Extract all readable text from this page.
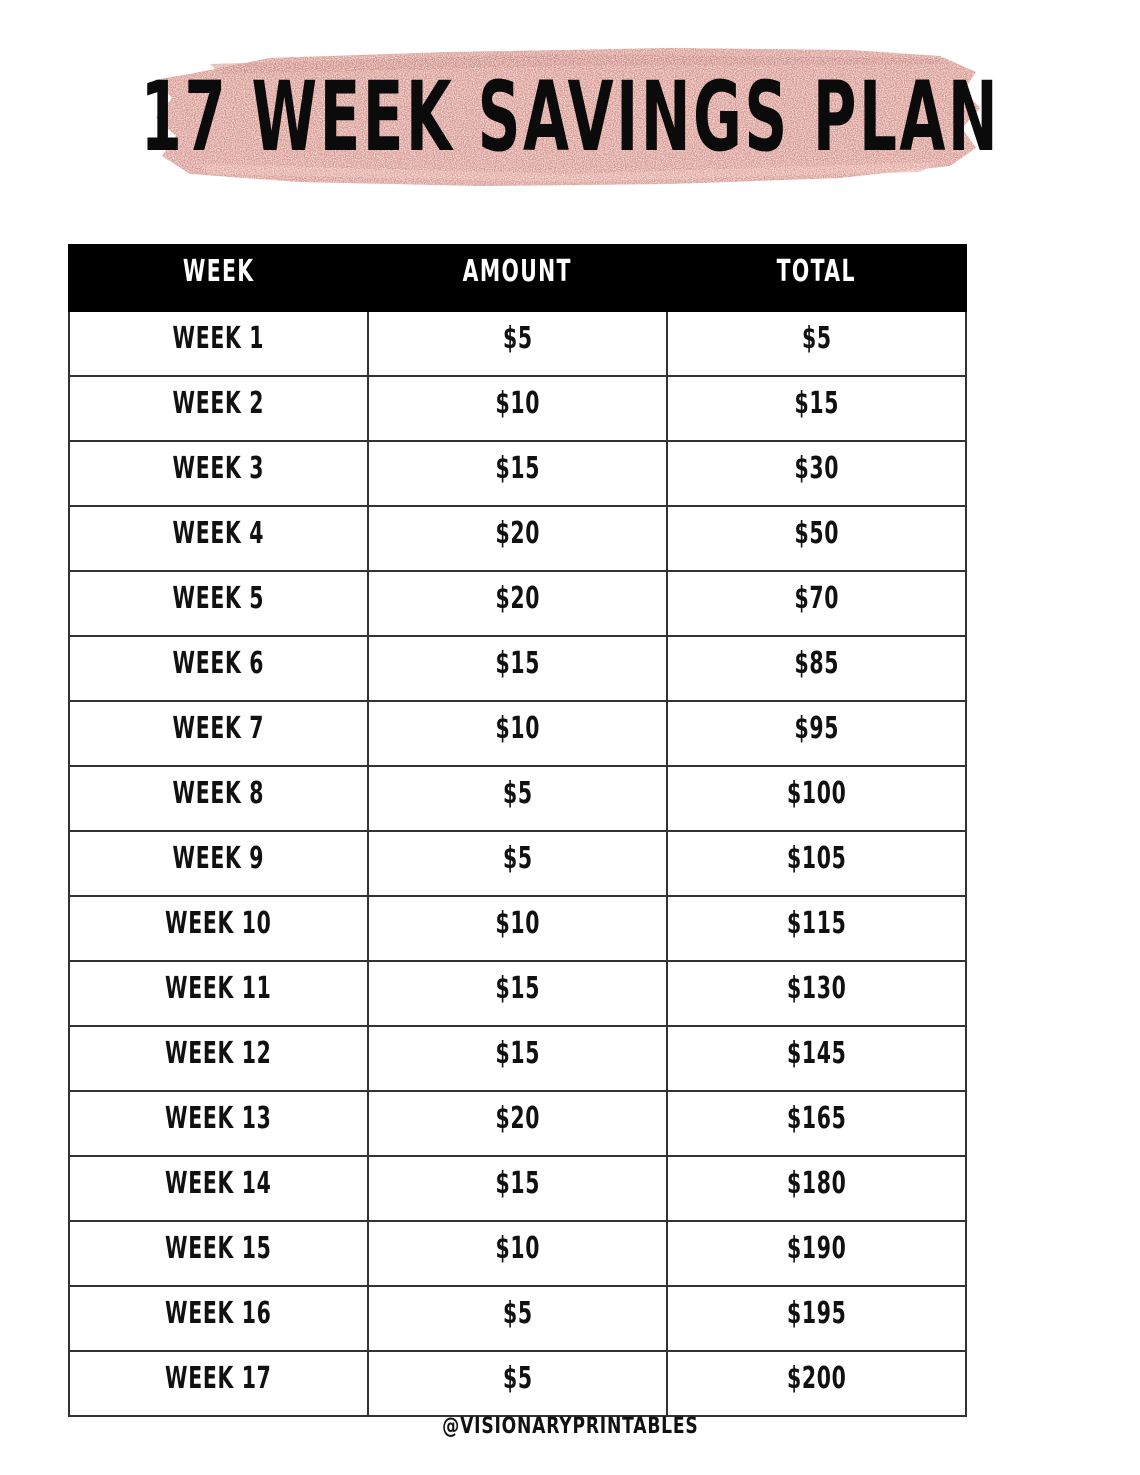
17 WEEK SAVINGS PLAN
WEEK	AMOUNT	TOTAL
WEEK 1	$5	$5
WEEK 2	$10	$15
WEEK 3	$15	$30
WEEK 4	$20	$50
WEEK 5	$20	$70
WEEK 6	$15	$85
WEEK 7	$10	$95
WEEK 8	$5	$100
WEEK 9	$5	$105
WEEK 10	$10	$115
WEEK 11	$15	$130
WEEK 12	$15	$145
WEEK 13	$20	$165
WEEK 14	$15	$180
WEEK 15	$10	$190
WEEK 16	$5	$195
WEEK 17	$5	$200
@VISIONARYPRINTABLES
